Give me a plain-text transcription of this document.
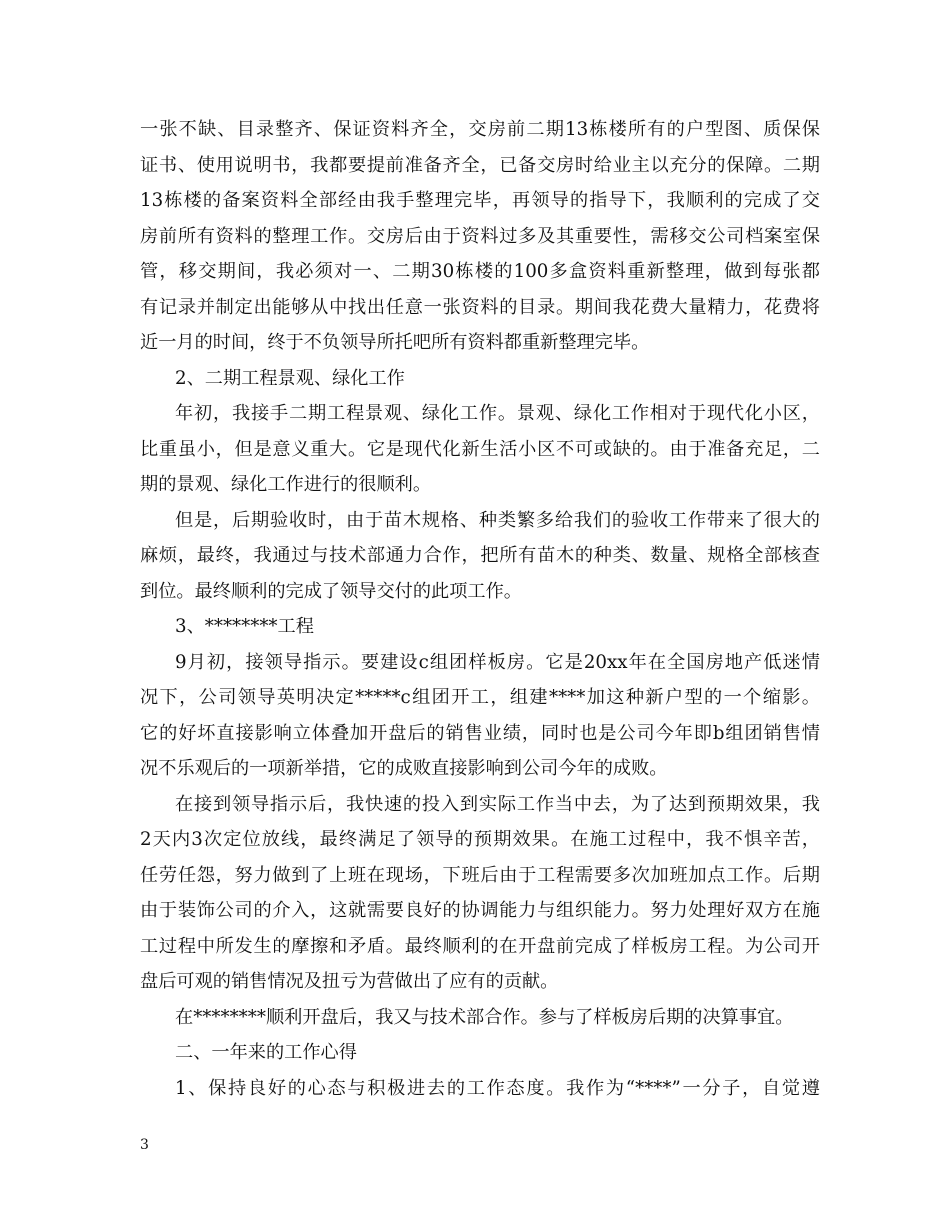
一张不缺、目录整齐、保证资料齐全，交房前二期13栋楼所有的户型图、质保保
证书、使用说明书，我都要提前准备齐全，已备交房时给业主以充分的保障。二期
13栋楼的备案资料全部经由我手整理完毕，再领导的指导下，我顺利的完成了交
房前所有资料的整理工作。交房后由于资料过多及其重要性，需移交公司档案室保
管，移交期间，我必须对一、二期30栋楼的100多盒资料重新整理，做到每张都
有记录并制定出能够从中找出任意一张资料的目录。期间我花费大量精力，花费将
近一月的时间，终于不负领导所托吧所有资料都重新整理完毕。
2、二期工程景观、绿化工作
年初，我接手二期工程景观、绿化工作。景观、绿化工作相对于现代化小区，
比重虽小，但是意义重大。它是现代化新生活小区不可或缺的。由于准备充足，二
期的景观、绿化工作进行的很顺利。
但是，后期验收时，由于苗木规格、种类繁多给我们的验收工作带来了很大的
麻烦，最终，我通过与技术部通力合作，把所有苗木的种类、数量、规格全部核查
到位。最终顺利的完成了领导交付的此项工作。
3、********工程
9月初，接领导指示。要建设c组团样板房。它是20xx年在全国房地产低迷情
况下，公司领导英明决定*****c组团开工，组建****加这种新户型的一个缩影。
它的好坏直接影响立体叠加开盘后的销售业绩，同时也是公司今年即b组团销售情
况不乐观后的一项新举措，它的成败直接影响到公司今年的成败。
在接到领导指示后，我快速的投入到实际工作当中去，为了达到预期效果，我
2天内3次定位放线，最终满足了领导的预期效果。在施工过程中，我不惧辛苦，
任劳任怨，努力做到了上班在现场，下班后由于工程需要多次加班加点工作。后期
由于装饰公司的介入，这就需要良好的协调能力与组织能力。努力处理好双方在施
工过程中所发生的摩擦和矛盾。最终顺利的在开盘前完成了样板房工程。为公司开
盘后可观的销售情况及扭亏为营做出了应有的贡献。
在********顺利开盘后，我又与技术部合作。参与了样板房后期的决算事宜。
二、一年来的工作心得
1、保持良好的心态与积极进去的工作态度。我作为“****”一分子，自觉遵
3
